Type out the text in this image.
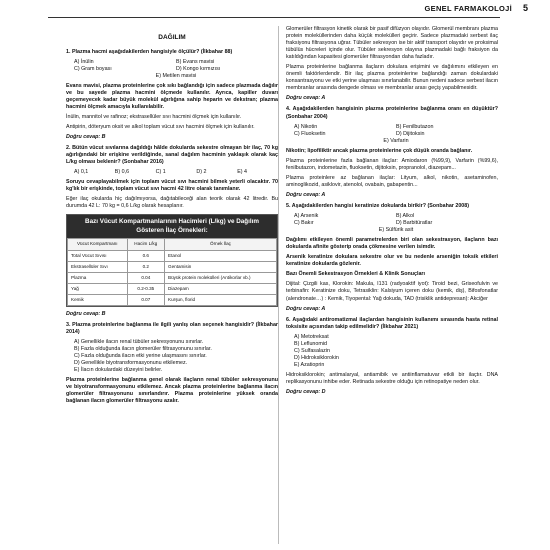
GENEL FARMAKOLOJİ 5
DAĞILIM

1. Plazma hacmi aşağıdakilerden hangisiyle ölçülür? (İlkbahar 88)

A) İnülin	B) Evans mavisi
C) Gram boyası	D) Kongo kırmızısı
E) Metilen mavisi

Evans mavisi, plazma proteinlerine çok sıkı bağlandığı için sadece plazmada dağılır ve bu sayede plazma hacmini ölçmede kullanılır. Ayrıca, kapiller duvarı geçemeyecek kadar büyük molekül ağırlığına sahip heparin ve dekstran; plazma hacmini ölçmek amacıyla kullanılabilir.

İnülin, mannitol ve rafinoz; ekstrasellüler sıvı hacmini ölçmek için kullanılır.

Antipirin, döteryum oksit ve alkol toplam vücut sıvı hacmini ölçmek için kullanılır.

Doğru cevap: B

2. Bütün vücut sıvılarına dağıldığı hâlde dokularda sekestre olmayan bir ilaç, 70 kg ağırlığındaki bir erişkine verildiğinde, sanal dağılım hacminin yaklaşık olarak kaç L/kg olması beklenir? (Sonbahar 2016)

A) 0,1	B) 0,6	C) 1	D) 2	E) 4

Soruyu cevaplayabilmek için toplam vücut sıvı hacmini bilmek yeterli olacaktır. 70 kg'lık bir erişkinde, toplam vücut sıvı hacmi 42 litre olarak tanımlanır.

Eğer ilaç okularda hiç dağılmıyorsa, dağıtabileceği alan teorik olarak 42 litredir. Bu durumda 42 L: 70 kg = 0,6 L/kg olarak hesaplanır.

Bazı Vücut Kompartmanlarının Hacimleri (L/kg) ve Dağılım Gösteren İlaç Örnekleri:
Vücut Kompartmanı	Hacim L/kg	Örnek İlaç
Total Vücut Sıvısı	0.6	Etanol
Ekstrasellüler Sıvı	0.2	Gentamisin
Plazma	0.04	Büyük protein molekülleri (Antikorlar vb.)
Yağ	0.2-0.35	Diazepam
Kemik	0.07	Kurşun, florid
Doğru cevap: B

3. Plazma proteinlerine bağlanma ile ilgili yanlış olan seçenek hangisidir? (İlkbahar 2014)

A) Genellikle ilacın renal tübüler sekresyonunu sınırlar.
B) Fazla olduğunda ilacın glomerüler filtrasyonunu sınırlar.
C) Fazla olduğunda ilacın etki yerine ulaşmasını sınırlar.
D) Genellikle biyotransformasyonunu etkilemez.
E) İlacın dokulardaki düzeyini belirler.

Plazma proteinlerine bağlanma genel olarak ilaçların renal tübüler sekresyonunu ve biyotransformasyonunu etkilemez. Ancak plazma proteinlerine bağlanma ilacın glomerüler filtrasyonunu sınırlandırır. Plazma proteinlerine yüksek oranda bağlanan ilacın glomerüler filtrasyonu azalır.

Glomerüler filtrasyon kinetik olarak bir pasif difüzyon olayıdır. Glomerül membranı plazma protein moleküllerinden daha küçük molekülleri geçirir. Sadece plazmadaki serbest ilaç fraksiyonu filtrasyona uğrar. Tübüler sekresyon ise bir aktif transport olayıdır ve proksimal tübülüs hücreleri içinde olur. Tübüler sekresyon olayına plazmadaki bağlı fraksiyon da katıldığından kapasitesi glomerüler filtrasyondan daha fazladır.

Plazma proteinlerine bağlanma ilaçların dokulara erişimini ve dağılımını etkileyen en önemli faktörlerdendir. Bir ilaç plazma proteinlerine bağlandığı zaman dokulardaki konsantrasyonu ve etki yerine ulaşması sınırlanabilir. Bunun nedeni sadece serbest ilacın membranlar arasında dengede olması ve membranlar arası geçiş yapabilmesidir.

Doğru cevap: A

4. Aşağıdakilerden hangisinin plazma proteinlerine bağlanma oranı en düşüktür? (Sonbahar 2004)

A) Nikotin	B) Fenilbutazon
C) Fluoksetin	D) Dijitoksin
E) Varfarin

Nikotin; lipofiliktir ancak plazma proteinlerine çok düşük oranda bağlanır.

Plazma proteinlerine fazla bağlanan ilaçlar: Amiodaron (%99,9), Varfarin (%99,6), fenilbutazon, indometazin, fluoksetin, dijitoksin, propranolol, diazepam...

Plazma proteinlere az bağlanan ilaçlar: Lityum, alkol, nikotin, asetaminofen, aminoglikozid, asiklovir, atenolol, ovabain, gabapentin...

Doğru cevap: A

5. Aşağıdakilerden hangisi keratinize dokularda birikir? (Sonbahar 2008)

A) Arsenik	B) Alkol
C) Bakır	D) Barbitüratlar
E) Sülfürik asit

Dağılımı etkileyen önemli parametrelerden biri olan sekestrasyon, ilaçların bazı dokularda afinite gösterip orada çökmesine verilen isimdir.

Arsenik keratinize dokulara sekestre olur ve bu nedenle arseniğin toksik etkileri keratinize dokularda gözlenir.

Bazı Önemli Sekestrasyon Örnekleri & Klinik Sonuçları

Dijital: Çizgili kas, Klorokin: Makula, I131 (radyoaktif iyot): Tiroid bezi, Griseofulvin ve terbinafin: Keratinize doku, Tetrasiklin: Kalsiyum içeren doku (kemik, diş), Bifosfonatlar (alendronate…) : Kemik, Tiyopental: Yağ dokuda, TAD (trisiklik antidepresan): Akciğer

Doğru cevap: A

6. Aşağıdaki antiromatizmal ilaçlardan hangisinin kullanımı sırasında hasta retinal toksisite açısından takip edilmelidir? (İlkbahar 2021)

A) Metotreksat
B) Leflunomid
C) Sulfasalazin
D) Hidroksiklorokin
E) Azatioprin

Hidroksiklorokin; antimalaryal, antiamibik ve antiinflamatuvar etkili bir ilaçtır. DNA replikasyonunu inhibe eder. Retinada sekestre olduğu için retinopatiye neden olur.

Doğru cevap: D
